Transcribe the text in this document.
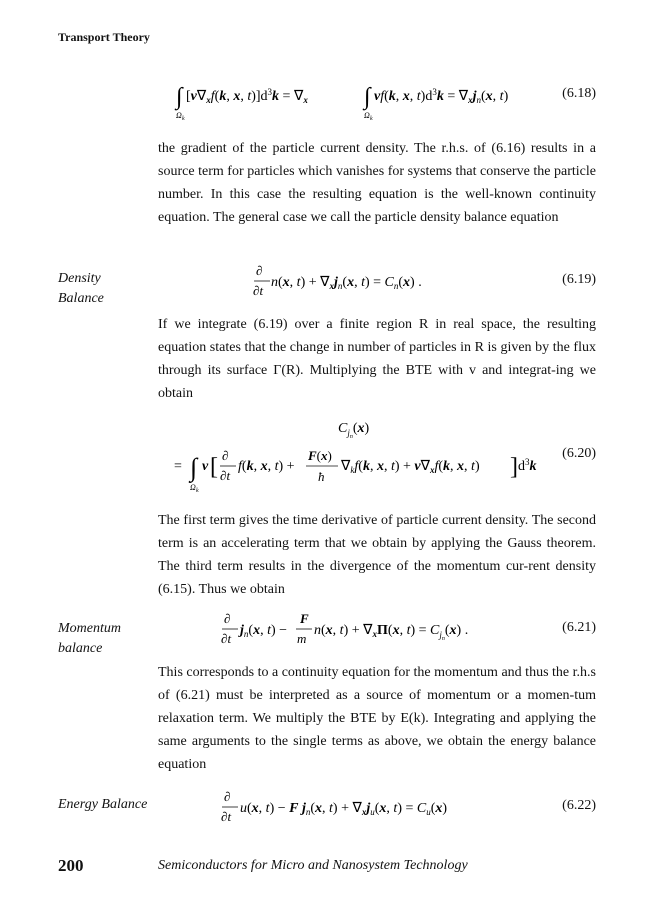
Transport Theory
∫
Ω k
[$v\nabla_xf(k$, x, $t)]d^3k = \nabla_x$ ∫
Ω k
vf(k, x, $t)d^3k = \nabla_xj_n(x$, t)	(6.18)
the gradient of the particle current density. The r.h.s. of (6.16) results in a source term for particles which vanishes for systems that conserve the particle number. In this case the resulting equation is the well-known continuity equation. The general case we call the particle density balance equation
Density Balance
∂
∂t
n(x, $t) + \nabla_xj_n(x$, $t) = C_n(x)$ .	(6.19)
If we integrate (6.19) over a finite region R in real space, the resulting equation states that the change in number of particles in R is given by the flux through its surface Γ(R). Multiplying the BTE with v and integrat-ing we obtain
$C_jn(x)$
= ∫
Ω k
v [ ∂
∂t
f(k, x, t) +
F(x)
ħ
$\nabla_kf(k$, x, $t) + v\nabla_xf(k$, x, t) ] $d^3k$
(6.20)
The first term gives the time derivative of particle current density. The second term is an accelerating term that we obtain by applying the Gauss theorem. The third term results in the divergence of the momentum cur-rent density (6.15). Thus we obtain
Momentum balance
∂
∂t
$j_n(x$, t) −
F
m
n(x, $t) + \nabla_x\Pi(x$, $t) = C_jn(x)$ .	(6.21)
This corresponds to a continuity equation for the momentum and thus the r.h.s of (6.21) must be interpreted as a source of momentum or a momen-tum relaxation term. We multiply the BTE by E(k). Integrating and applying the same arguments to the single terms as above, we obtain the energy balance equation
Energy Balance
∂
∂t
u(x, t) − F $j_n(x$, $t) + \nabla_xj_u(x$, $t) = C_u(x)$	(6.22)
200	Semiconductors for Micro and Nanosystem Technology
